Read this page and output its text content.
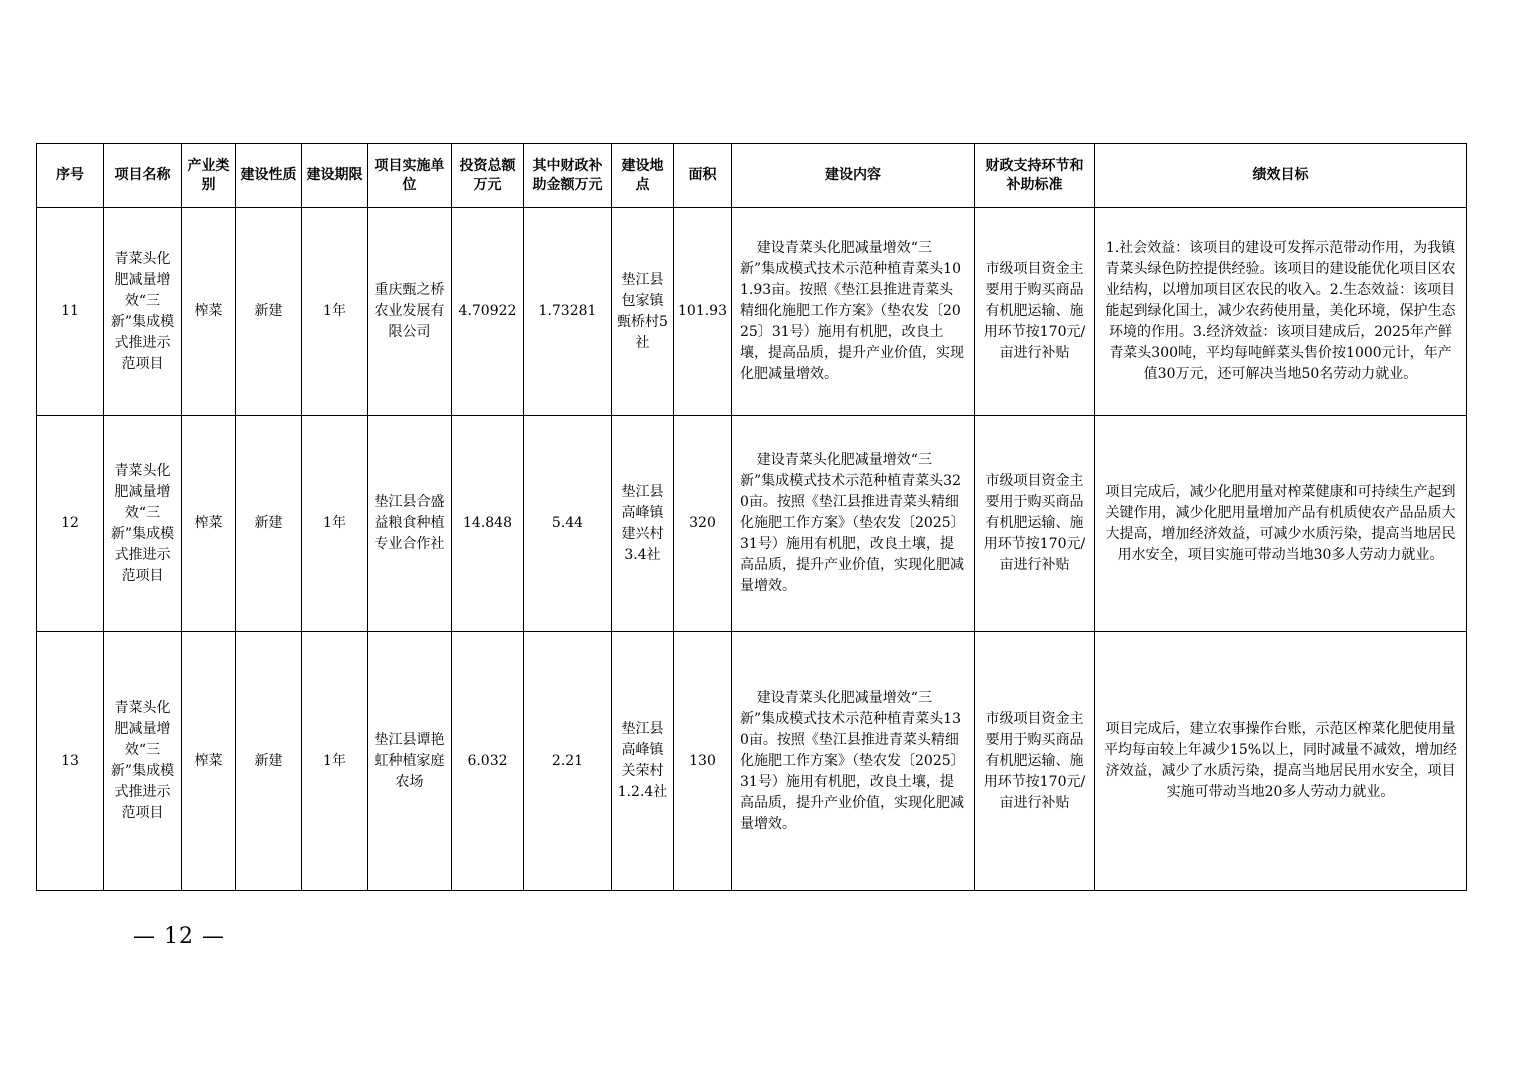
序号	项目名称	产业类别	建设性质	建设期限	项目实施单位	投资总额万元	其中财政补助金额万元	建设地点	面积	建设内容	财政支持环节和补助标准	绩效目标
11	青菜头化肥减量增效“三新”集成模式推进示范项目	榨菜	新建	1年	重庆甄之桥农业发展有限公司	4.70922	1.73281	垫江县包家镇甄桥村5社	101.93	建设青菜头化肥减量增效“三新”集成模式技术示范种植青菜头101.93亩。按照《垫江县推进青菜头精细化施肥工作方案》（垫农发〔2025〕31号）施用有机肥，改良土壤，提高品质，提升产业价值，实现化肥减量增效。	市级项目资金主要用于购买商品有机肥运输、施用环节按170元/亩进行补贴	1.社会效益：该项目的建设可发挥示范带动作用，为我镇青菜头绿色防控提供经验。该项目的建设能优化项目区农业结构，以增加项目区农民的收入。2.生态效益：该项目能起到绿化国土，减少农药使用量，美化环境，保护生态环境的作用。3.经济效益：该项目建成后，2025年产鲜青菜头300吨，平均每吨鲜菜头售价按1000元计，年产值30万元，还可解决当地50名劳动力就业。
12	青菜头化肥减量增效“三新”集成模式推进示范项目	榨菜	新建	1年	垫江县合盛益粮食种植专业合作社	14.848	5.44	垫江县高峰镇建兴村3.4社	320	建设青菜头化肥减量增效“三新”集成模式技术示范种植青菜头320亩。按照《垫江县推进青菜头精细化施肥工作方案》（垫农发〔2025〕31号）施用有机肥，改良土壤，提高品质，提升产业价值，实现化肥减量增效。	市级项目资金主要用于购买商品有机肥运输、施用环节按170元/亩进行补贴	项目完成后，减少化肥用量对榨菜健康和可持续生产起到关键作用，减少化肥用量增加产品有机质使农产品品质大大提高，增加经济效益，可减少水质污染，提高当地居民用水安全，项目实施可带动当地30多人劳动力就业。
13	青菜头化肥减量增效“三新”集成模式推进示范项目	榨菜	新建	1年	垫江县谭艳虹种植家庭农场	6.032	2.21	垫江县高峰镇关荣村1.2.4社	130	建设青菜头化肥减量增效“三新”集成模式技术示范种植青菜头130亩。按照《垫江县推进青菜头精细化施肥工作方案》（垫农发〔2025〕31号）施用有机肥，改良土壤，提高品质，提升产业价值，实现化肥减量增效。	市级项目资金主要用于购买商品有机肥运输、施用环节按170元/亩进行补贴	项目完成后，建立农事操作台账，示范区榨菜化肥使用量平均每亩较上年减少15%以上，同时减量不减效，增加经济效益，减少了水质污染，提高当地居民用水安全，项目实施可带动当地20多人劳动力就业。
— 12 —
